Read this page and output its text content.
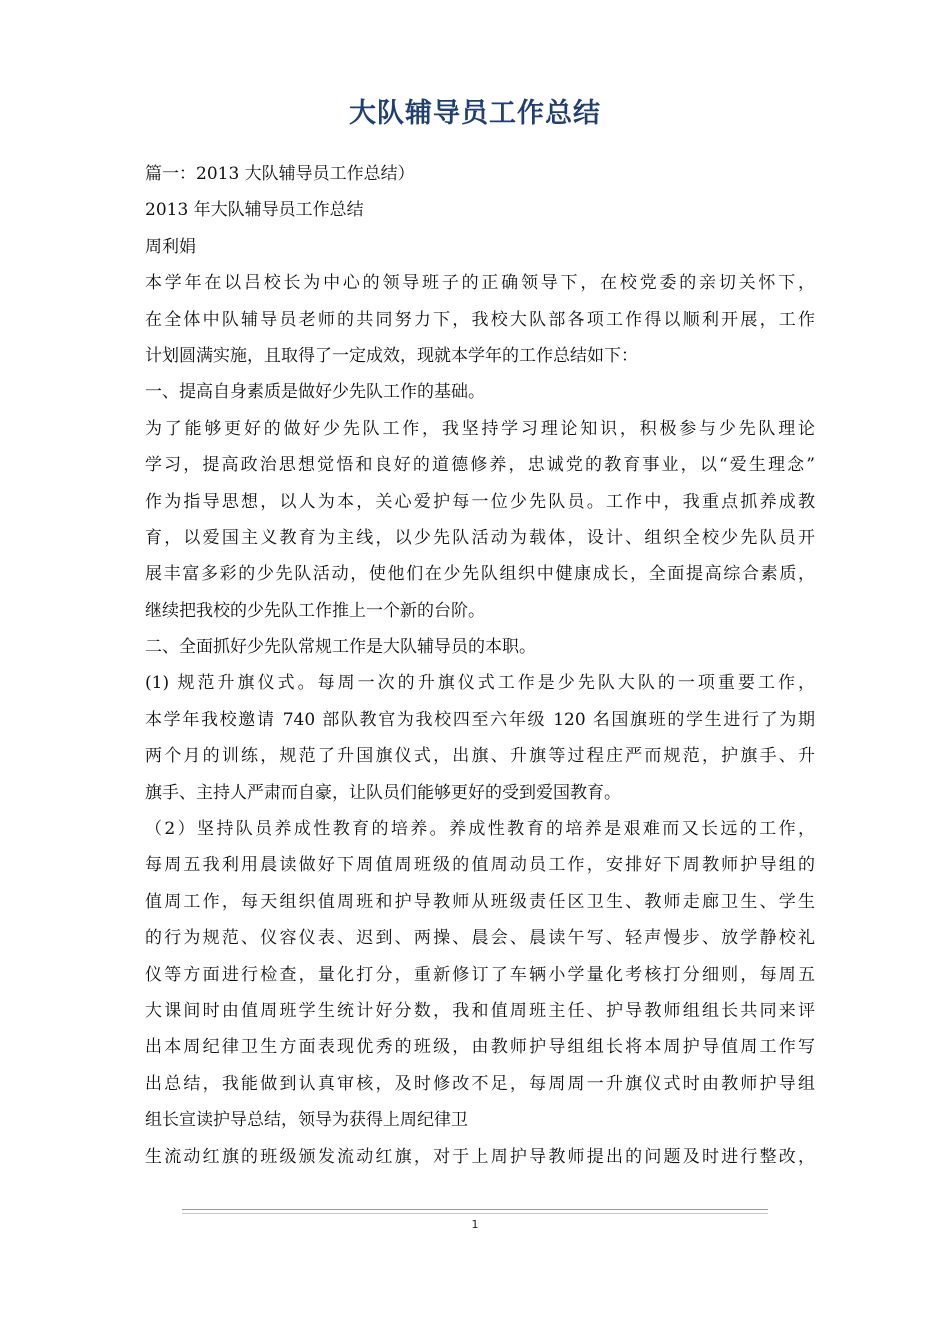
大队辅导员工作总结
篇一：2013 大队辅导员工作总结）
2013 年大队辅导员工作总结
周利娟
本学年在以吕校长为中心的领导班子的正确领导下，在校党委的亲切关怀下，
在全体中队辅导员老师的共同努力下，我校大队部各项工作得以顺利开展，工作
计划圆满实施，且取得了一定成效，现就本学年的工作总结如下：
一、提高自身素质是做好少先队工作的基础。
为了能够更好的做好少先队工作，我坚持学习理论知识，积极参与少先队理论
学习，提高政治思想觉悟和良好的道德修养，忠诚党的教育事业，以“爱生理念”
作为指导思想，以人为本，关心爱护每一位少先队员。工作中，我重点抓养成教
育，以爱国主义教育为主线，以少先队活动为载体，设计、组织全校少先队员开
展丰富多彩的少先队活动，使他们在少先队组织中健康成长，全面提高综合素质，
继续把我校的少先队工作推上一个新的台阶。
二、全面抓好少先队常规工作是大队辅导员的本职。
(1) 规范升旗仪式。每周一次的升旗仪式工作是少先队大队的一项重要工作，
本学年我校邀请 740 部队教官为我校四至六年级 120 名国旗班的学生进行了为期
两个月的训练，规范了升国旗仪式，出旗、升旗等过程庄严而规范，护旗手、升
旗手、主持人严肃而自豪，让队员们能够更好的受到爱国教育。
（2）坚持队员养成性教育的培养。养成性教育的培养是艰难而又长远的工作，
每周五我利用晨读做好下周值周班级的值周动员工作，安排好下周教师护导组的
值周工作，每天组织值周班和护导教师从班级责任区卫生、教师走廊卫生、学生
的行为规范、仪容仪表、迟到、两操、晨会、晨读午写、轻声慢步、放学静校礼
仪等方面进行检查，量化打分，重新修订了车辆小学量化考核打分细则，每周五
大课间时由值周班学生统计好分数，我和值周班主任、护导教师组组长共同来评
出本周纪律卫生方面表现优秀的班级，由教师护导组组长将本周护导值周工作写
出总结，我能做到认真审核，及时修改不足，每周周一升旗仪式时由教师护导组
组长宣读护导总结，领导为获得上周纪律卫
生流动红旗的班级颁发流动红旗，对于上周护导教师提出的问题及时进行整改，
1
